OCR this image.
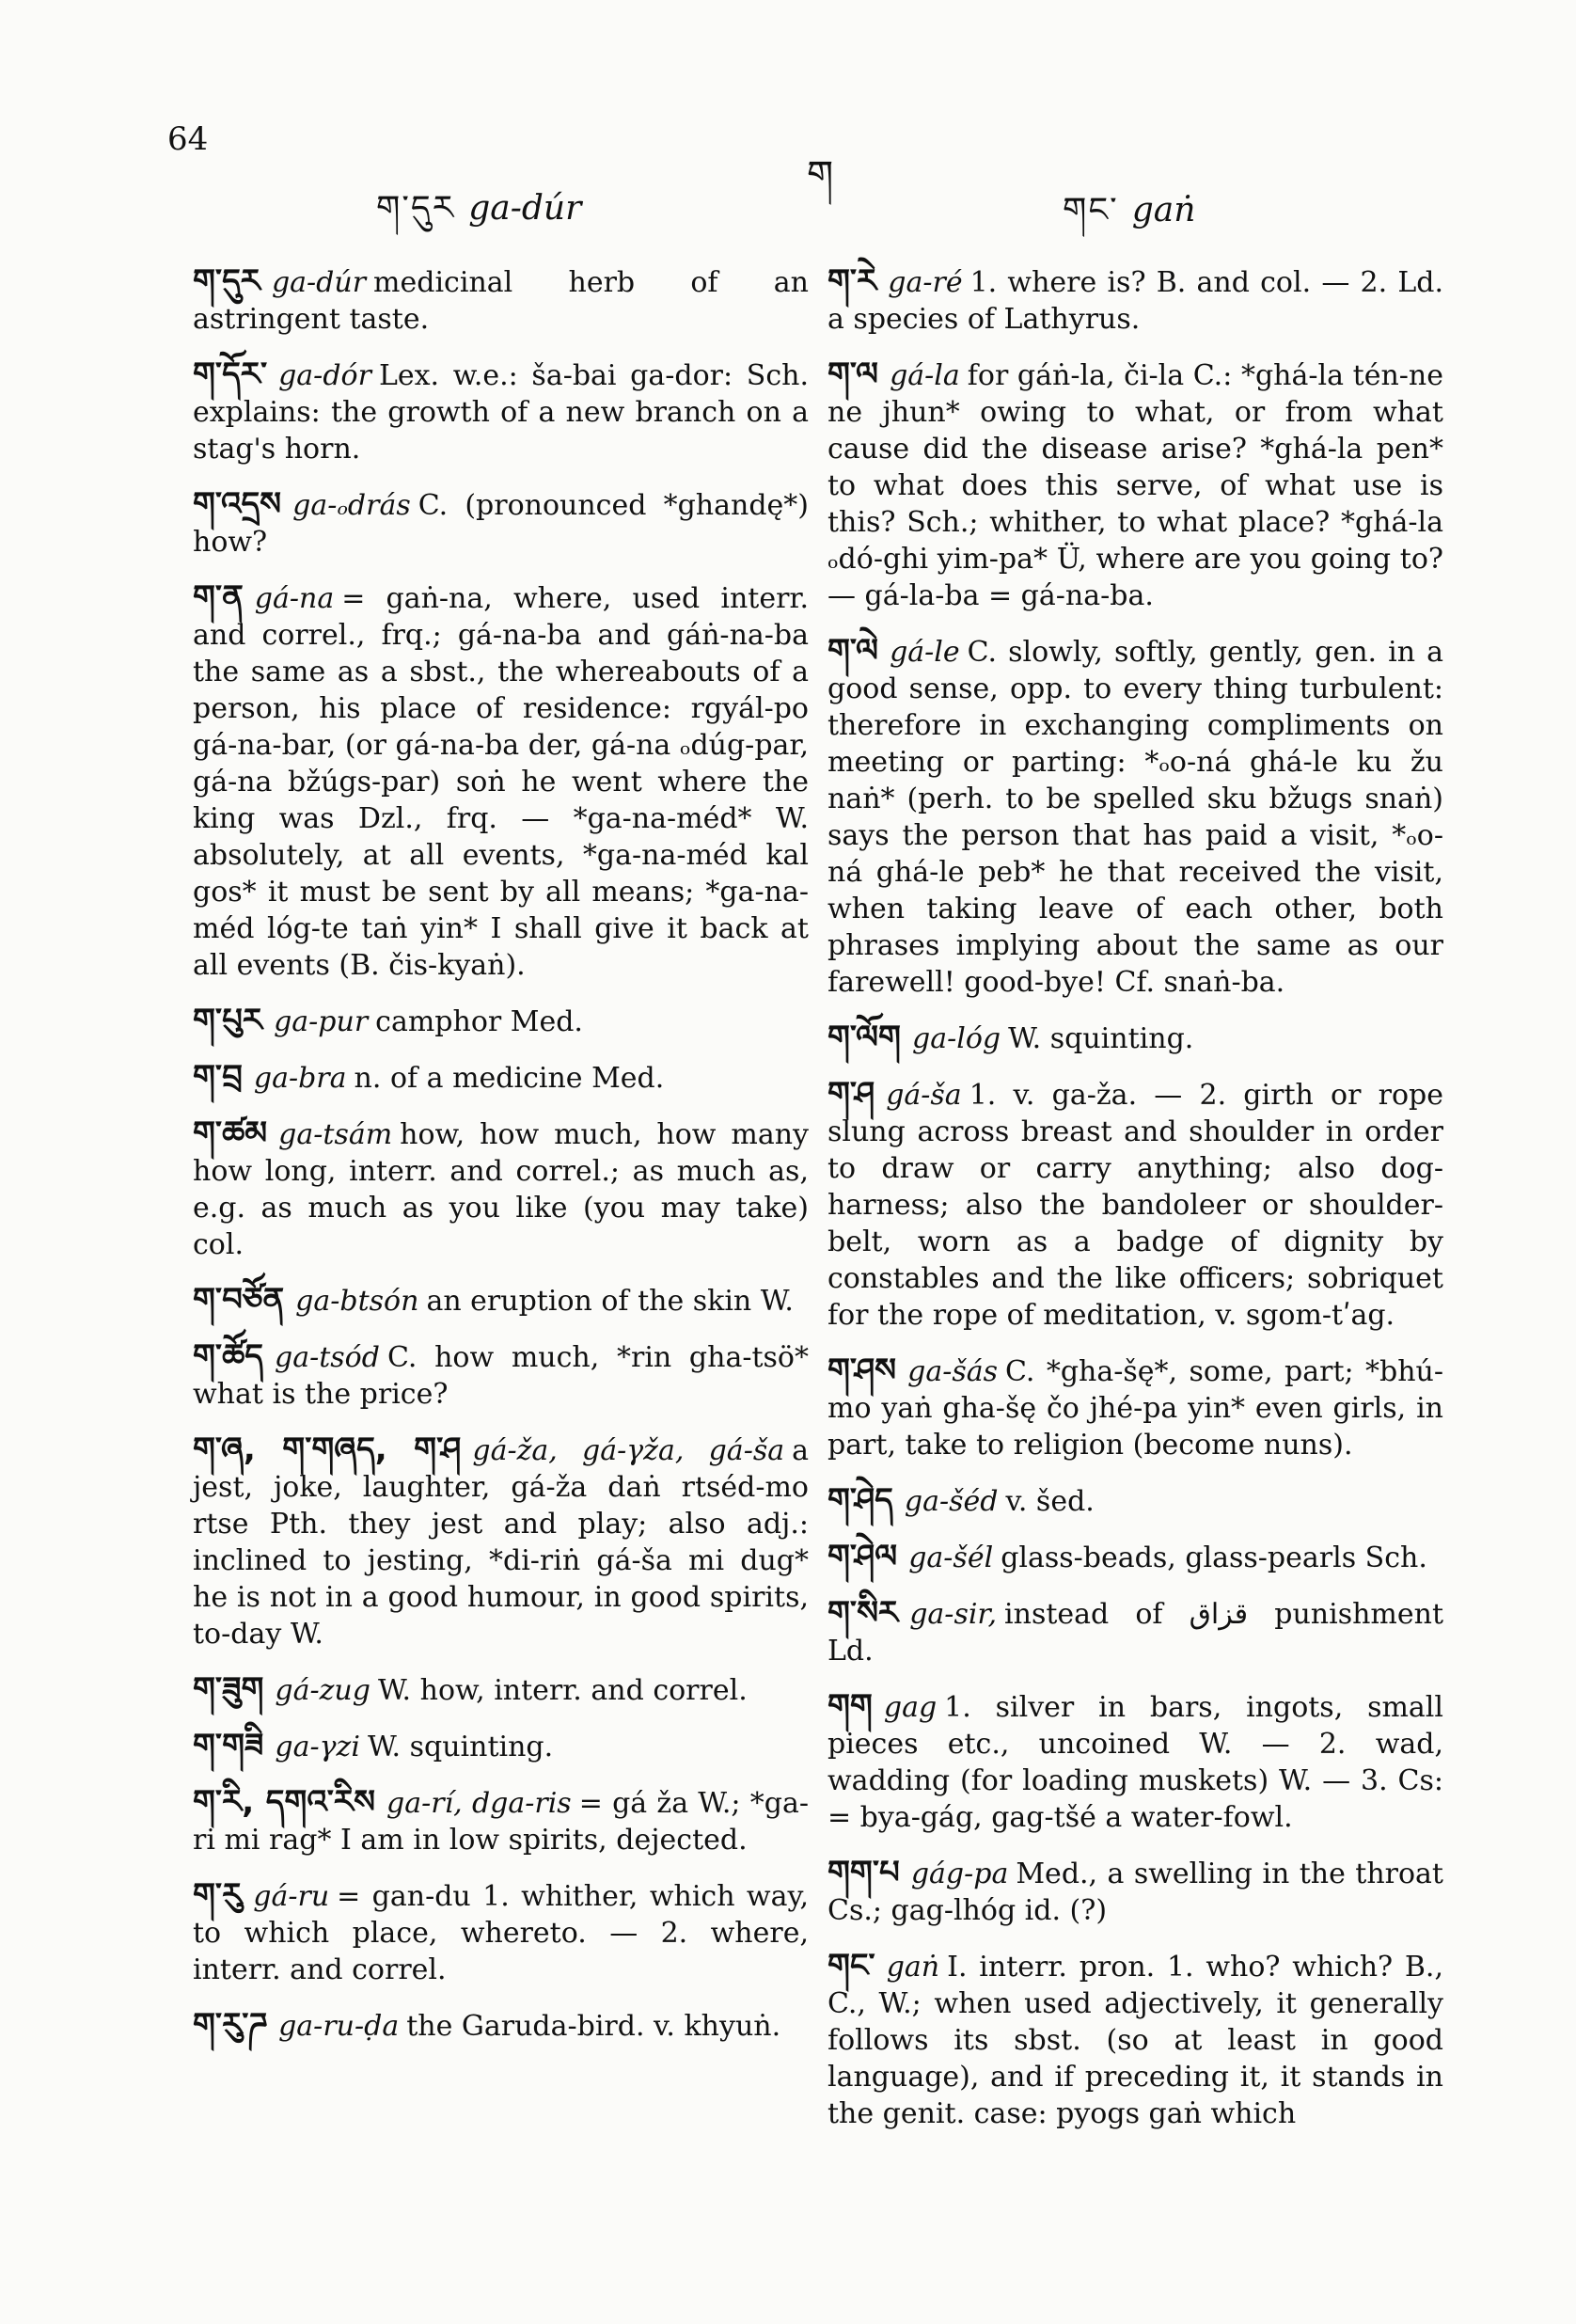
64
ག
ག་དུར ga-dúr	གང་ gaṅ

ག་དུར ga-dúr medicinal herb of an astringent taste.

ག་དོར་ ga-dór Lex. w.e.: ša-bai ga-dor: Sch. explains: the growth of a new branch on a stag's horn.

ག་འདྲས ga-ₒdrás C. (pronounced *ghandę*) how?

ག་ན gá-na = gaṅ-na, where, used interr. and correl., frq.; gá-na-ba and gáṅ-na-ba the same as a sbst., the whereabouts of a person, his place of residence: rgyál-po gá-na-bar, (or gá-na-ba der, gá-na ₒdúg-par, gá-na bžúgs-par) soṅ he went where the king was Dzl., frq. — *ga-na-méd* W. absolutely, at all events, *ga-na-méd kal gos* it must be sent by all means; *ga-na-méd lóg-te taṅ yin* I shall give it back at all events (B. čis-kyaṅ).

ག་པུར ga-pur camphor Med.

ག་བྲ ga-bra n. of a medicine Med.

ག་ཚམ ga-tsám how, how much, how many how long, interr. and correl.; as much as, e.g. as much as you like (you may take) col.

ག་བཙོན ga-btsón an eruption of the skin W.

ག་ཚོད ga-tsód C. how much, *rin gha-tsö* what is the price?

ག་ཞ, ག་གཞད, ག་ཤ gá-ža, gá-γža, gá-ša a jest, joke, laughter, gá-ža daṅ rtséd-mo rtse Pth. they jest and play; also adj.: inclined to jesting, *di-riṅ gá-ša mi dug* he is not in a good humour, in good spirits, to-day W.

ག་ཟུག gá-zug W. how, interr. and correl.

ག་གཟི ga-γzi W. squinting.

ག་རི, དགའ་རིས ga-rí, dga-ris = gá ža W.; *ga-ri mi rag* I am in low spirits, dejected.

ག་རུ gá-ru = gan-du 1. whither, which way, to which place, whereto. — 2. where, interr. and correl.

ག་རུ་ཌ ga-ru-ḍa the Garuda-bird. v. khyuṅ.

ག་རེ ga-ré 1. where is? B. and col. — 2. Ld. a species of Lathyrus.

ག་ལ gá-la for gáṅ-la, či-la C.: *ghá-la tén-ne ne jhun* owing to what, or from what cause did the disease arise? *ghá-la pen* to what does this serve, of what use is this? Sch.; whither, to what place? *ghá-la ₒdó-ghi yim-pa* Ü, where are you going to? — gá-la-ba = gá-na-ba.

ག་ལེ gá-le C. slowly, softly, gently, gen. in a good sense, opp. to every thing turbulent: therefore in exchanging compliments on meeting or parting: *ₒo-ná ghá-le ku žu naṅ* (perh. to be spelled sku bžugs snaṅ) says the person that has paid a visit, *ₒo-ná ghá-le peb* he that received the visit, when taking leave of each other, both phrases implying about the same as our farewell! good-bye! Cf. snaṅ-ba.

ག་ལོག ga-lóg W. squinting.

ག་ཤ gá-ša 1. v. ga-ža. — 2. girth or rope slung across breast and shoulder in order to draw or carry anything; also dog-harness; also the bandoleer or shoulder-belt, worn as a badge of dignity by constables and the like officers; sobriquet for the rope of meditation, v. sgom-tʹag.

ག་ཤས ga-šás C. *gha-šę*, some, part; *bhú-mo yaṅ gha-šę čo jhé-pa yin* even girls, in part, take to religion (become nuns).

ག་ཤེད ga-šéd v. šed.

ག་ཤེལ ga-šél glass-beads, glass-pearls Sch.

ག་སིར ga-sir, instead of ﻗﺰﺍﻕ punishment Ld.

གག gag 1. silver in bars, ingots, small pieces etc., uncoined W. — 2. wad, wadding (for loading muskets) W. — 3. Cs: = bya-gág, gag-tšé a water-fowl.

གག་པ gág-pa Med., a swelling in the throat Cs.; gag-lhóg id. (?)

གང་ gaṅ I. interr. pron. 1. who? which? B., C., W.; when used adjectively, it generally follows its sbst. (so at least in good language), and if preceding it, it stands in the genit. case: pyogs gaṅ which
